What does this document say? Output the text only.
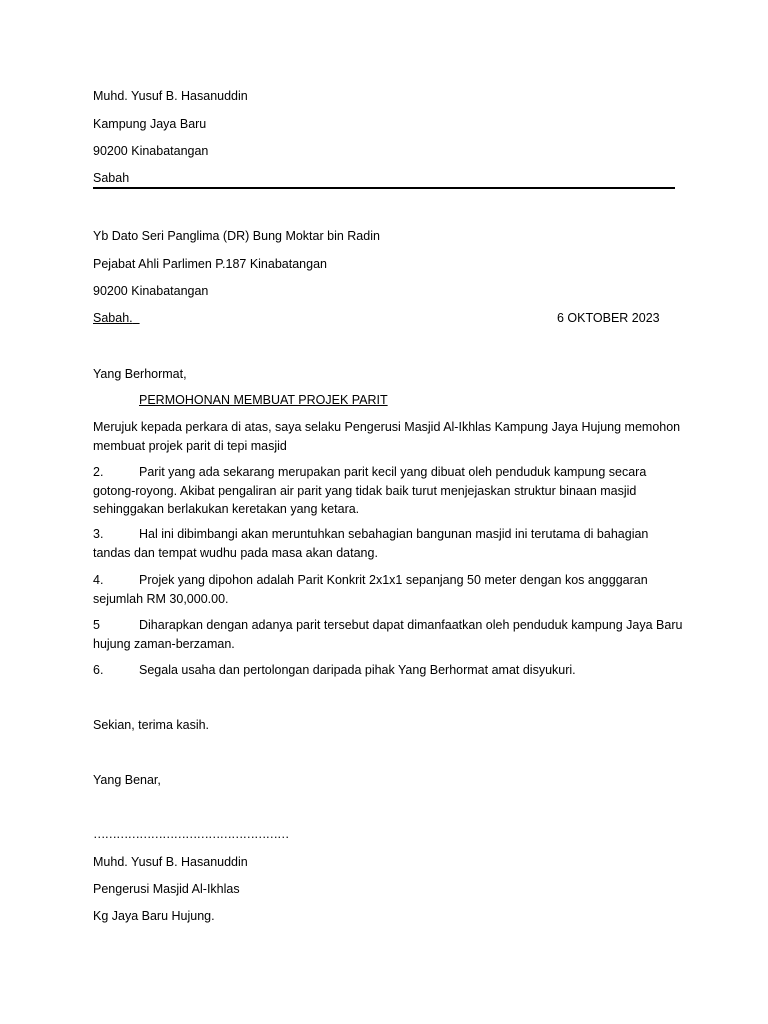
Muhd. Yusuf B. Hasanuddin
Kampung Jaya Baru
90200 Kinabatangan
Sabah
Yb Dato Seri Panglima (DR) Bung Moktar bin Radin
Pejabat Ahli Parlimen P.187 Kinabatangan
90200 Kinabatangan
Sabah.	6 OKTOBER 2023
Yang Berhormat,
PERMOHONAN MEMBUAT PROJEK PARIT
Merujuk kepada perkara di atas, saya selaku Pengerusi Masjid Al-Ikhlas Kampung Jaya Hujung memohon membuat projek parit di tepi masjid
2.	Parit yang ada sekarang merupakan parit kecil yang dibuat oleh penduduk kampung secara gotong-royong. Akibat pengaliran air parit yang tidak baik turut menjejaskan struktur binaan masjid sehinggakan berlakukan keretakan yang ketara.
3.	Hal ini dibimbangi akan meruntuhkan sebahagian bangunan masjid ini terutama di bahagian tandas dan tempat wudhu pada masa akan datang.
4.	Projek yang dipohon adalah Parit Konkrit 2x1x1 sepanjang 50 meter dengan kos angggaran sejumlah RM 30,000.00.
5	Diharapkan dengan adanya parit tersebut dapat dimanfaatkan oleh penduduk kampung Jaya Baru hujung zaman-berzaman.
6.	Segala usaha dan pertolongan daripada pihak Yang Berhormat amat disyukuri.
Sekian, terima kasih.
Yang Benar,
……………………………………………
Muhd. Yusuf B. Hasanuddin
Pengerusi Masjid Al-Ikhlas
Kg Jaya Baru Hujung.
